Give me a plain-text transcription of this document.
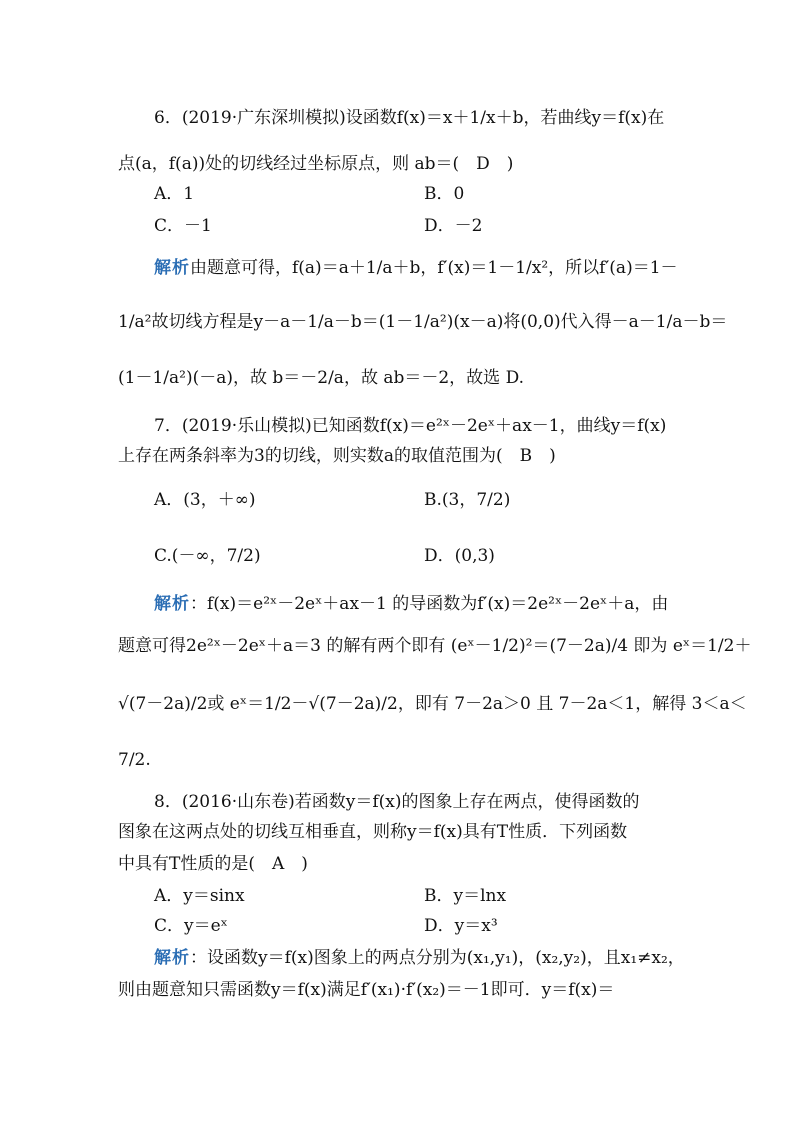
6．(2019·广东深圳模拟)设函数f(x)＝x＋1/x＋b，若曲线y＝f(x)在
点(a，f(a))处的切线经过坐标原点，则 ab＝(　D　)
A．1	B．0
C．－1	D．－2
解析由题意可得，f(a)＝a＋1/a＋b，f′(x)＝1－1/x²，所以f′(a)＝1－
1/a²故切线方程是y－a－1/a－b＝(1－1/a²)(x－a)将(0,0)代入得－a－1/a－b＝
(1－1/a²)(－a)，故 b＝－2/a，故 ab＝－2，故选 D.
7．(2019·乐山模拟)已知函数f(x)＝e²ˣ－2eˣ＋ax－1，曲线y＝f(x)
上存在两条斜率为3的切线，则实数a的取值范围为(　B　)
A．(3，＋∞)	B.(3，7/2)
C.(－∞，7/2)	D．(0,3)
解析：f(x)＝e²ˣ－2eˣ＋ax－1 的导函数为f′(x)＝2e²ˣ－2eˣ＋a，由
题意可得2e²ˣ－2eˣ＋a＝3 的解有两个即有 (eˣ－1/2)²＝(7－2a)/4 即为 eˣ＝1/2＋
√(7－2a)/2或 eˣ＝1/2－√(7－2a)/2，即有 7－2a＞0 且 7－2a＜1，解得 3＜a＜
7/2.
8．(2016·山东卷)若函数y＝f(x)的图象上存在两点，使得函数的
图象在这两点处的切线互相垂直，则称y＝f(x)具有T性质．下列函数
中具有T性质的是(　A　)
A．y＝sinx	B．y＝lnx
C．y＝eˣ	D．y＝x³
解析：设函数y＝f(x)图象上的两点分别为(x₁,y₁)，(x₂,y₂)，且x₁≠x₂，
则由题意知只需函数y＝f(x)满足f′(x₁)·f′(x₂)＝－1即可．y＝f(x)＝
